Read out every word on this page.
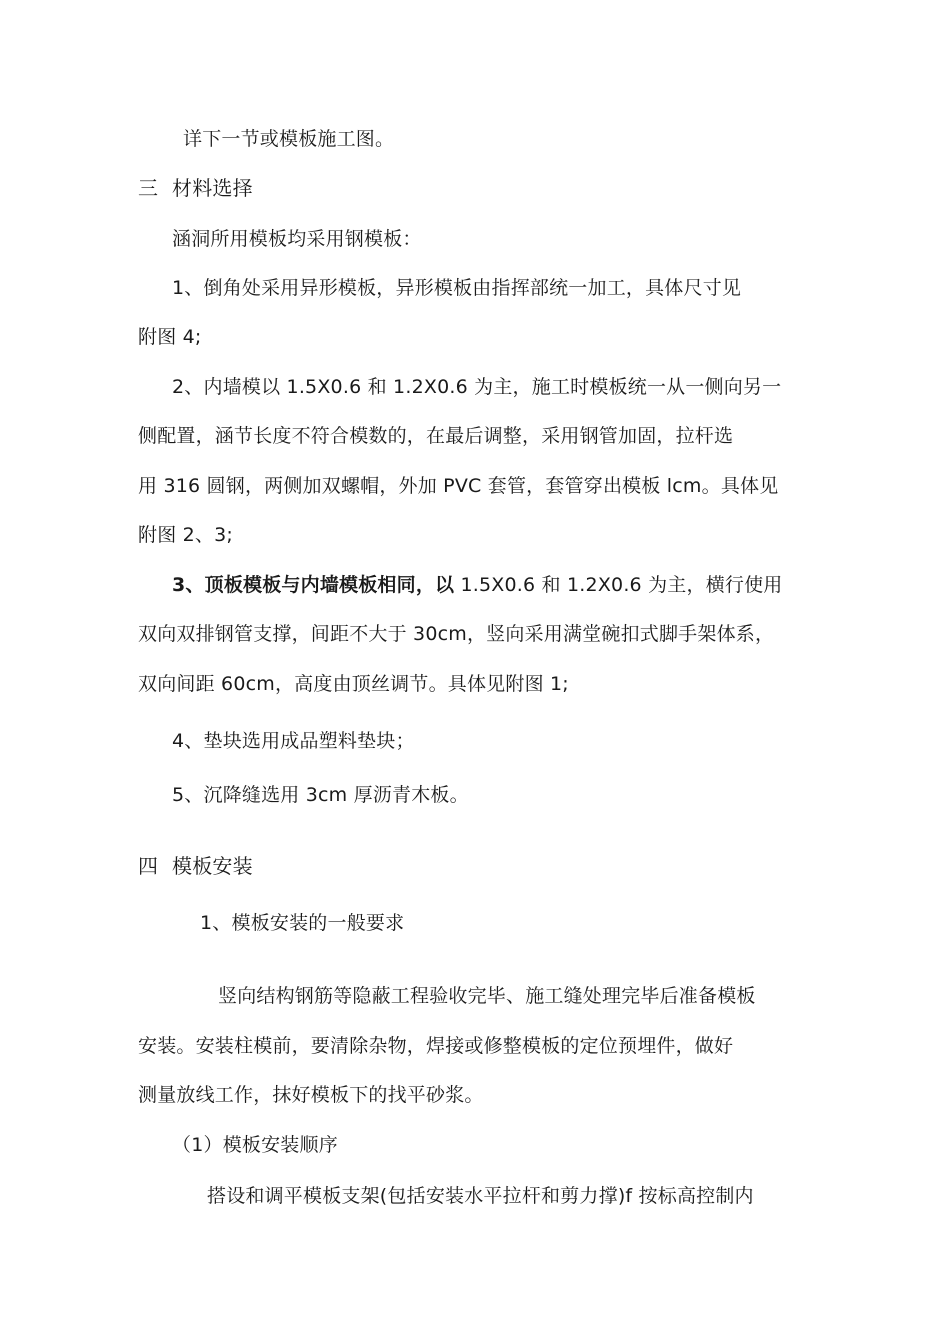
详下一节或模板施工图。
三 材料选择
涵洞所用模板均采用钢模板：
1、倒角处采用异形模板，异形模板由指挥部统一加工，具体尺寸见
附图 4;
2、内墙模以 1.5X0.6 和 1.2X0.6 为主，施工时模板统一从一侧向另一
侧配置，涵节长度不符合模数的，在最后调整，采用钢管加固，拉杆选
用 316 圆钢，两侧加双螺帽，外加 PVC 套管，套管穿出模板 lcm。具体见
附图 2、3;
3、顶板模板与内墙模板相同，以 1.5X0.6 和 1.2X0.6 为主，横行使用
双向双排钢管支撑，间距不大于 30cm，竖向采用满堂碗扣式脚手架体系，
双向间距 60cm，高度由顶丝调节。具体见附图 1;
4、垫块选用成品塑料垫块；
5、沉降缝选用 3cm 厚沥青木板。
四 模板安装
1、模板安装的一般要求
竖向结构钢筋等隐蔽工程验收完毕、施工缝处理完毕后准备模板
安装。安装柱模前，要清除杂物，焊接或修整模板的定位预埋件，做好
测量放线工作，抹好模板下的找平砂浆。
（1）模板安装顺序
搭设和调平模板支架(包括安装水平拉杆和剪力撑)f 按标高控制内
